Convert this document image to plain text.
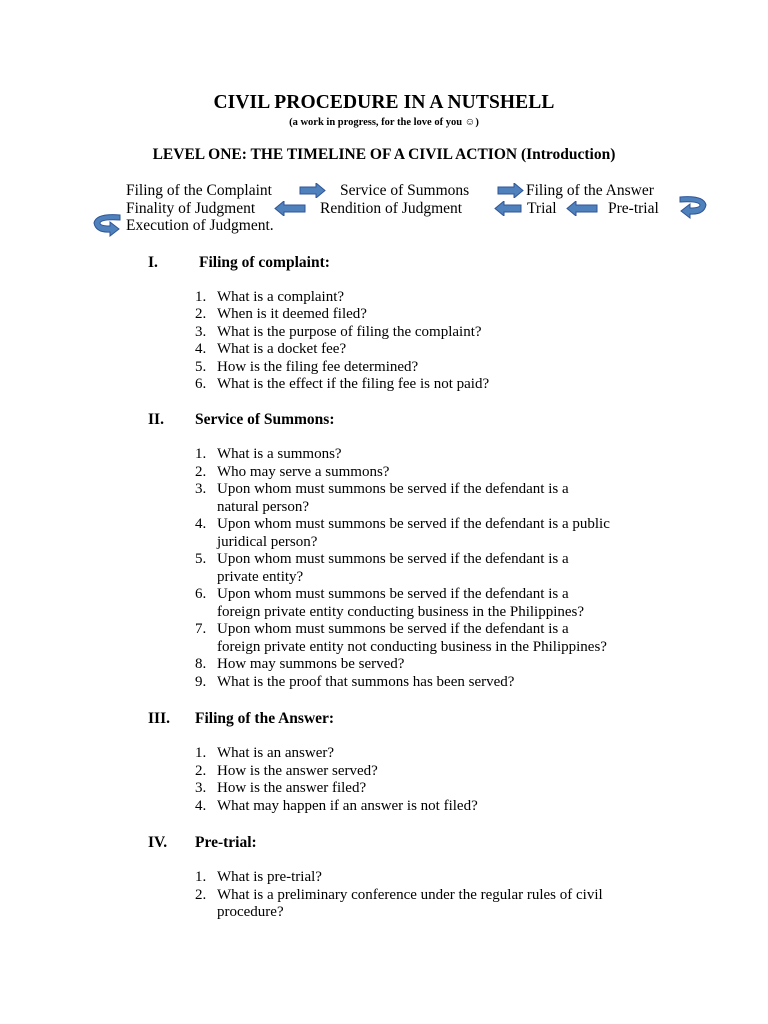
CIVIL PROCEDURE IN A NUTSHELL
(a work in progress, for the love of you ☺)
LEVEL ONE: THE TIMELINE OF A CIVIL ACTION (Introduction)
Filing of the Complaint	Service of Summons	Filing of the Answer
Finality of Judgment	Rendition of Judgment	Trial	Pre-trial
Execution of Judgment.
I.	Filing of complaint:
1. What is a complaint?
2. When is it deemed filed?
3. What is the purpose of filing the complaint?
4. What is a docket fee?
5. How is the filing fee determined?
6. What is the effect if the filing fee is not paid?
II. Service of Summons:
1. What is a summons?
2. Who may serve a summons?
3. Upon whom must summons be served if the defendant is a
natural person?
4. Upon whom must summons be served if the defendant is a public
juridical person?
5. Upon whom must summons be served if the defendant is a
private entity?
6. Upon whom must summons be served if the defendant is a
foreign private entity conducting business in the Philippines?
7. Upon whom must summons be served if the defendant is a
foreign private entity not conducting business in the Philippines?
8. How may summons be served?
9. What is the proof that summons has been served?
III. Filing of the Answer:
1. What is an answer?
2. How is the answer served?
3. How is the answer filed?
4. What may happen if an answer is not filed?
IV. Pre-trial:
1. What is pre-trial?
2. What is a preliminary conference under the regular rules of civil
procedure?
